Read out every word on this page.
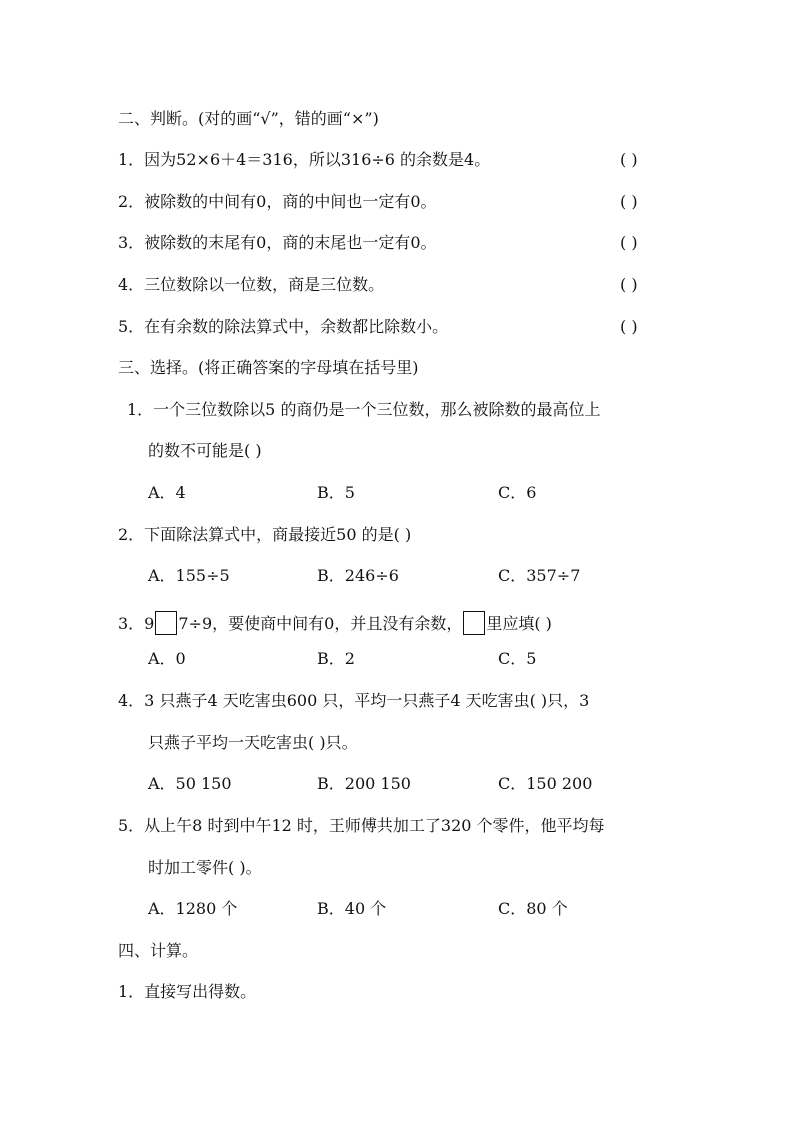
二、判断。(对的画“√”，错的画“×”)
1．因为52×6＋4＝316，所以316÷6 的余数是4。	( )
2．被除数的中间有0，商的中间也一定有0。	( )
3．被除数的末尾有0，商的末尾也一定有0。	( )
4．三位数除以一位数，商是三位数。	( )
5．在有余数的除法算式中，余数都比除数小。	( )
三、选择。(将正确答案的字母填在括号里)
1．一个三位数除以5 的商仍是一个三位数，那么被除数的最高位上
的数不可能是( )
A．4	B．5	C．6
2．下面除法算式中，商最接近50 的是( )
A．155÷5	B．246÷6	C．357÷7
3．9 7÷9，要使商中间有0，并且没有余数， 里应填( )
A．0	B．2	C．5
4．3 只燕子4 天吃害虫600 只，平均一只燕子4 天吃害虫( )只，3
只燕子平均一天吃害虫( )只。
A．50 150	B．200 150	C．150 200
5．从上午8 时到中午12 时，王师傅共加工了320 个零件，他平均每
时加工零件( )。
A．1280 个	B．40 个	C．80 个
四、计算。
1．直接写出得数。
